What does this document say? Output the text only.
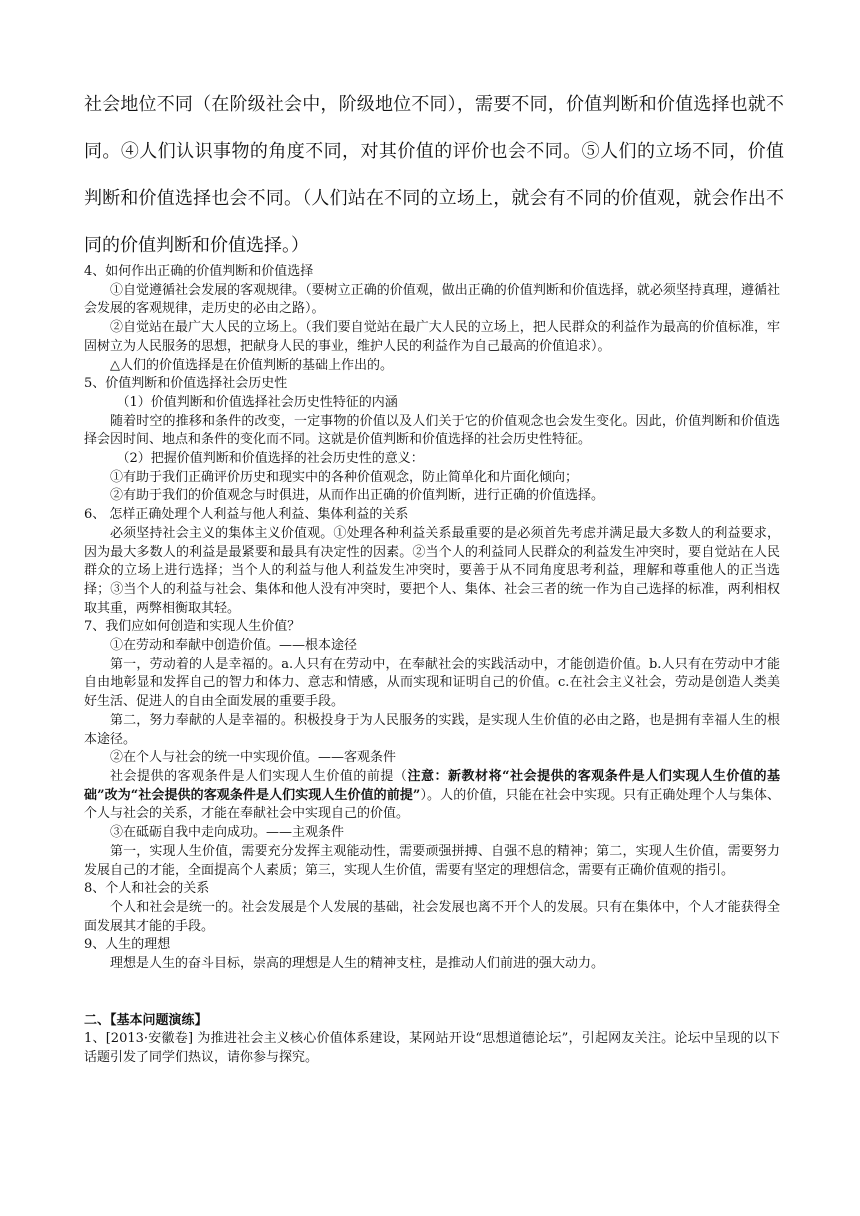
社会地位不同（在阶级社会中，阶级地位不同），需要不同，价值判断和价值选择也就不同。④人们认识事物的角度不同，对其价值的评价也会不同。⑤人们的立场不同，价值判断和价值选择也会不同。（人们站在不同的立场上，就会有不同的价值观，就会作出不同的价值判断和价值选择。）

4、如何作出正确的价值判断和价值选择

①自觉遵循社会发展的客观规律。（要树立正确的价值观，做出正确的价值判断和价值选择，就必须坚持真理，遵循社会发展的客观规律，走历史的必由之路）。

②自觉站在最广大人民的立场上。（我们要自觉站在最广大人民的立场上，把人民群众的利益作为最高的价值标准，牢固树立为人民服务的思想，把献身人民的事业，维护人民的利益作为自己最高的价值追求）。

△人们的价值选择是在价值判断的基础上作出的。

5、价值判断和价值选择社会历史性

（1）价值判断和价值选择社会历史性特征的内涵

随着时空的推移和条件的改变，一定事物的价值以及人们关于它的价值观念也会发生变化。因此，价值判断和价值选择会因时间、地点和条件的变化而不同。这就是价值判断和价值选择的社会历史性特征。

（2）把握价值判断和价值选择的社会历史性的意义：

①有助于我们正确评价历史和现实中的各种价值观念，防止简单化和片面化倾向；

②有助于我们的价值观念与时俱进，从而作出正确的价值判断，进行正确的价值选择。

6、 怎样正确处理个人利益与他人利益、集体利益的关系

必须坚持社会主义的集体主义价值观。①处理各种利益关系最重要的是必须首先考虑并满足最大多数人的利益要求，因为最大多数人的利益是最紧要和最具有决定性的因素。②当个人的利益同人民群众的利益发生冲突时，要自觉站在人民群众的立场上进行选择；当个人的利益与他人利益发生冲突时，要善于从不同角度思考利益，理解和尊重他人的正当选择；③当个人的利益与社会、集体和他人没有冲突时，要把个人、集体、社会三者的统一作为自己选择的标准，两利相权取其重，两弊相衡取其轻。

7、我们应如何创造和实现人生价值？

①在劳动和奉献中创造价值。——根本途径

第一，劳动着的人是幸福的。a.人只有在劳动中，在奉献社会的实践活动中，才能创造价值。b.人只有在劳动中才能自由地彰显和发挥自己的智力和体力、意志和情感，从而实现和证明自己的价值。c.在社会主义社会，劳动是创造人类美好生活、促进人的自由全面发展的重要手段。

第二，努力奉献的人是幸福的。积极投身于为人民服务的实践，是实现人生价值的必由之路，也是拥有幸福人生的根本途径。

②在个人与社会的统一中实现价值。——客观条件

社会提供的客观条件是人们实现人生价值的前提（注意：新教材将“社会提供的客观条件是人们实现人生价值的基础”改为“社会提供的客观条件是人们实现人生价值的前提”）。人的价值，只能在社会中实现。只有正确处理个人与集体、个人与社会的关系，才能在奉献社会中实现自己的价值。

③在砥砺自我中走向成功。——主观条件

第一，实现人生价值，需要充分发挥主观能动性，需要顽强拼搏、自强不息的精神；第二，实现人生价值，需要努力发展自己的才能，全面提高个人素质；第三，实现人生价值，需要有坚定的理想信念，需要有正确价值观的指引。

8、个人和社会的关系

个人和社会是统一的。社会发展是个人发展的基础，社会发展也离不开个人的发展。只有在集体中，个人才能获得全面发展其才能的手段。

9、人生的理想

理想是人生的奋斗目标，崇高的理想是人生的精神支柱，是推动人们前进的强大动力。

二、【基本问题演练】

1、[2013·安徽卷] 为推进社会主义核心价值体系建设，某网站开设“思想道德论坛”，引起网友关注。论坛中呈现的以下话题引发了同学们热议，请你参与探究。
